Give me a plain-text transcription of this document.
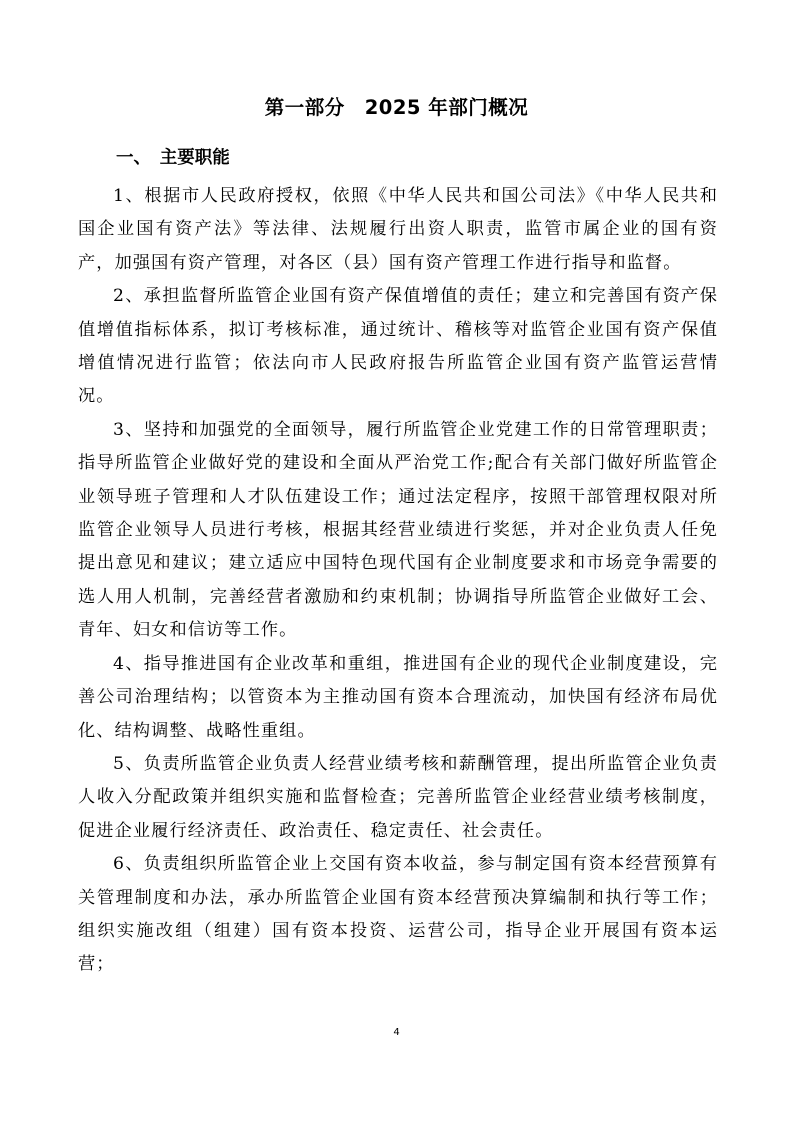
第一部分　2025 年部门概况
一、　主要职能

1、根据市人民政府授权，依照《中华人民共和国公司法》《中华人民共和国企业国有资产法》等法律、法规履行出资人职责，监管市属企业的国有资产，加强国有资产管理，对各区（县）国有资产管理工作进行指导和监督。

2、承担监督所监管企业国有资产保值增值的责任；建立和完善国有资产保值增值指标体系，拟订考核标准，通过统计、稽核等对监管企业国有资产保值增值情况进行监管；依法向市人民政府报告所监管企业国有资产监管运营情况。

3、坚持和加强党的全面领导，履行所监管企业党建工作的日常管理职责；指导所监管企业做好党的建设和全面从严治党工作;配合有关部门做好所监管企业领导班子管理和人才队伍建设工作；通过法定程序，按照干部管理权限对所监管企业领导人员进行考核，根据其经营业绩进行奖惩，并对企业负责人任免提出意见和建议；建立适应中国特色现代国有企业制度要求和市场竞争需要的选人用人机制，完善经营者激励和约束机制；协调指导所监管企业做好工会、青年、妇女和信访等工作。

4、指导推进国有企业改革和重组，推进国有企业的现代企业制度建设，完善公司治理结构；以管资本为主推动国有资本合理流动，加快国有经济布局优化、结构调整、战略性重组。

5、负责所监管企业负责人经营业绩考核和薪酬管理，提出所监管企业负责人收入分配政策并组织实施和监督检查；完善所监管企业经营业绩考核制度，促进企业履行经济责任、政治责任、稳定责任、社会责任。

6、负责组织所监管企业上交国有资本收益，参与制定国有资本经营预算有关管理制度和办法，承办所监管企业国有资本经营预决算编制和执行等工作；组织实施改组（组建）国有资本投资、运营公司，指导企业开展国有资本运营；

4
